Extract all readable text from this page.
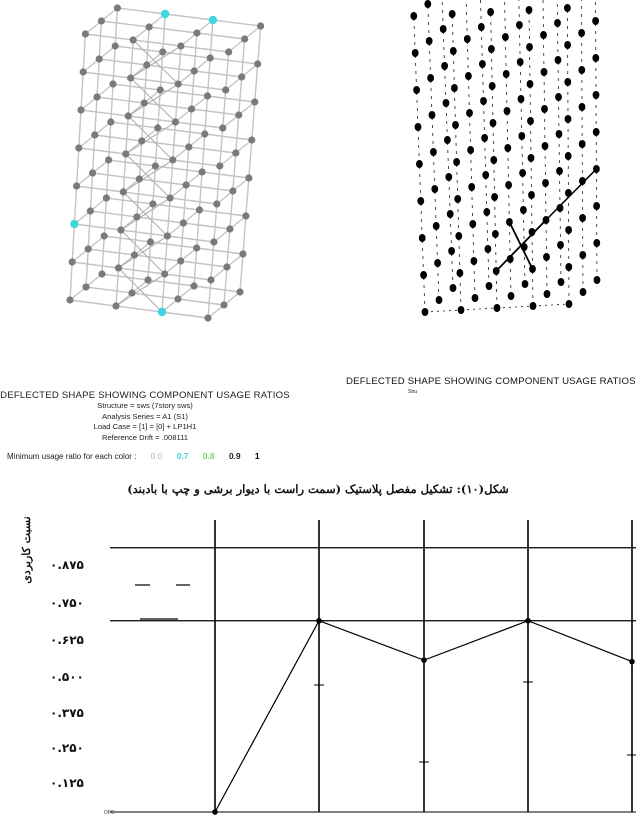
DEFLECTED SHAPE SHOWING COMPONENT USAGE RATIOS
Structure = sws (7story sws)
Analysis Series = A1 (S1)
Load Case = [1] = [0] + LP1H1
Reference Drift = .008111
Minimum usage ratio for each color : 0.0 0.7 0.8 0.9 1
DEFLECTED SHAPE SHOWING COMPONENT USAGE RATIOS
Stru
شکل(۱۰): تشکیل مفصل پلاستیک (سمت راست با دیوار برشی و چپ با بادبند)
نسبت کاربردی	۰.۸۷۵
۰.۷۵۰
۰.۶۲۵
۰.۵۰۰
۰.۳۷۵
۰.۲۵۰
۰.۱۲۵
OPE
